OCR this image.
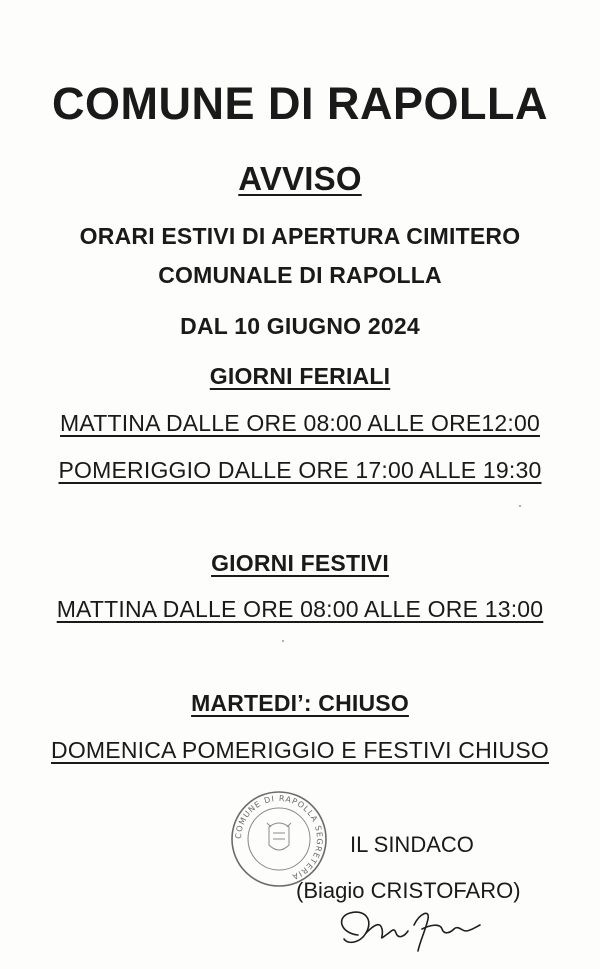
COMUNE DI RAPOLLA
AVVISO
ORARI ESTIVI DI APERTURA CIMITERO
COMUNALE DI RAPOLLA
DAL 10 GIUGNO 2024
GIORNI FERIALI
MATTINA DALLE ORE 08:00 ALLE ORE12:00
POMERIGGIO DALLE ORE 17:00 ALLE 19:30
GIORNI FESTIVI
MATTINA DALLE ORE 08:00 ALLE ORE 13:00
MARTEDI’: CHIUSO
DOMENICA POMERIGGIO E FESTIVI CHIUSO
COMUNE DI RAPOLLA SEGRETERIA
IL SINDACO
(Biagio CRISTOFARO)
